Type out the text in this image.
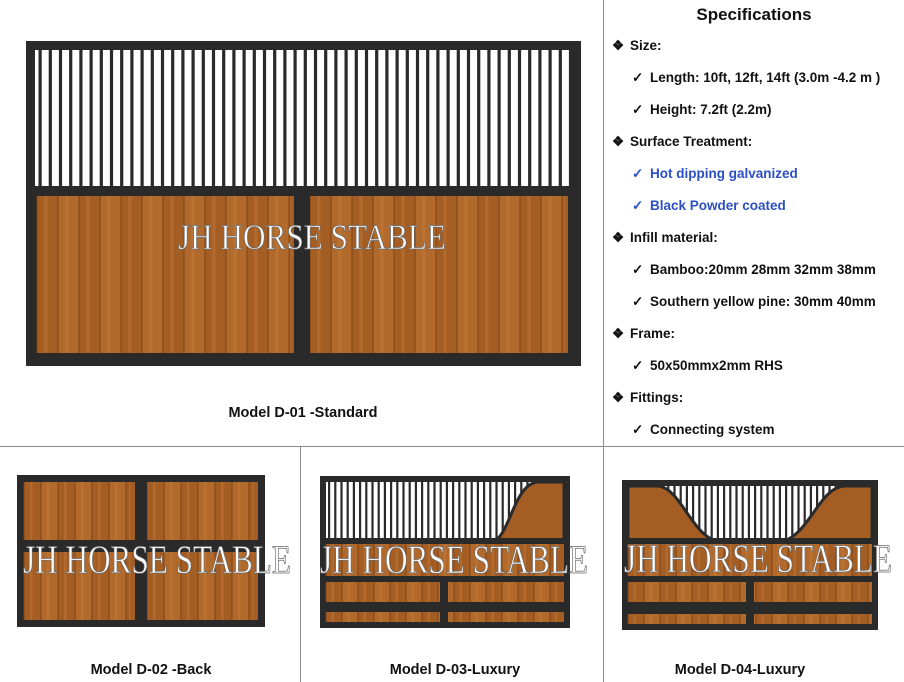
JH HORSE STABLE
Model D-01 -Standard
JH HORSE STABLE
Model D-02 -Back
JH HORSE STABLE
Model D-03-Luxury
JH HORSE STABLE
Model D-04-Luxury
Specifications
❖ Size:
✓ Length: 10ft, 12ft, 14ft (3.0m -4.2 m )
✓ Height: 7.2ft (2.2m)
❖ Surface Treatment:
✓ Hot dipping galvanized
✓ Black Powder coated
❖ Infill material:
✓ Bamboo:20mm 28mm 32mm 38mm
✓ Southern yellow pine: 30mm 40mm
❖ Frame:
✓ 50x50mmx2mm RHS
❖ Fittings:
✓ Connecting system
